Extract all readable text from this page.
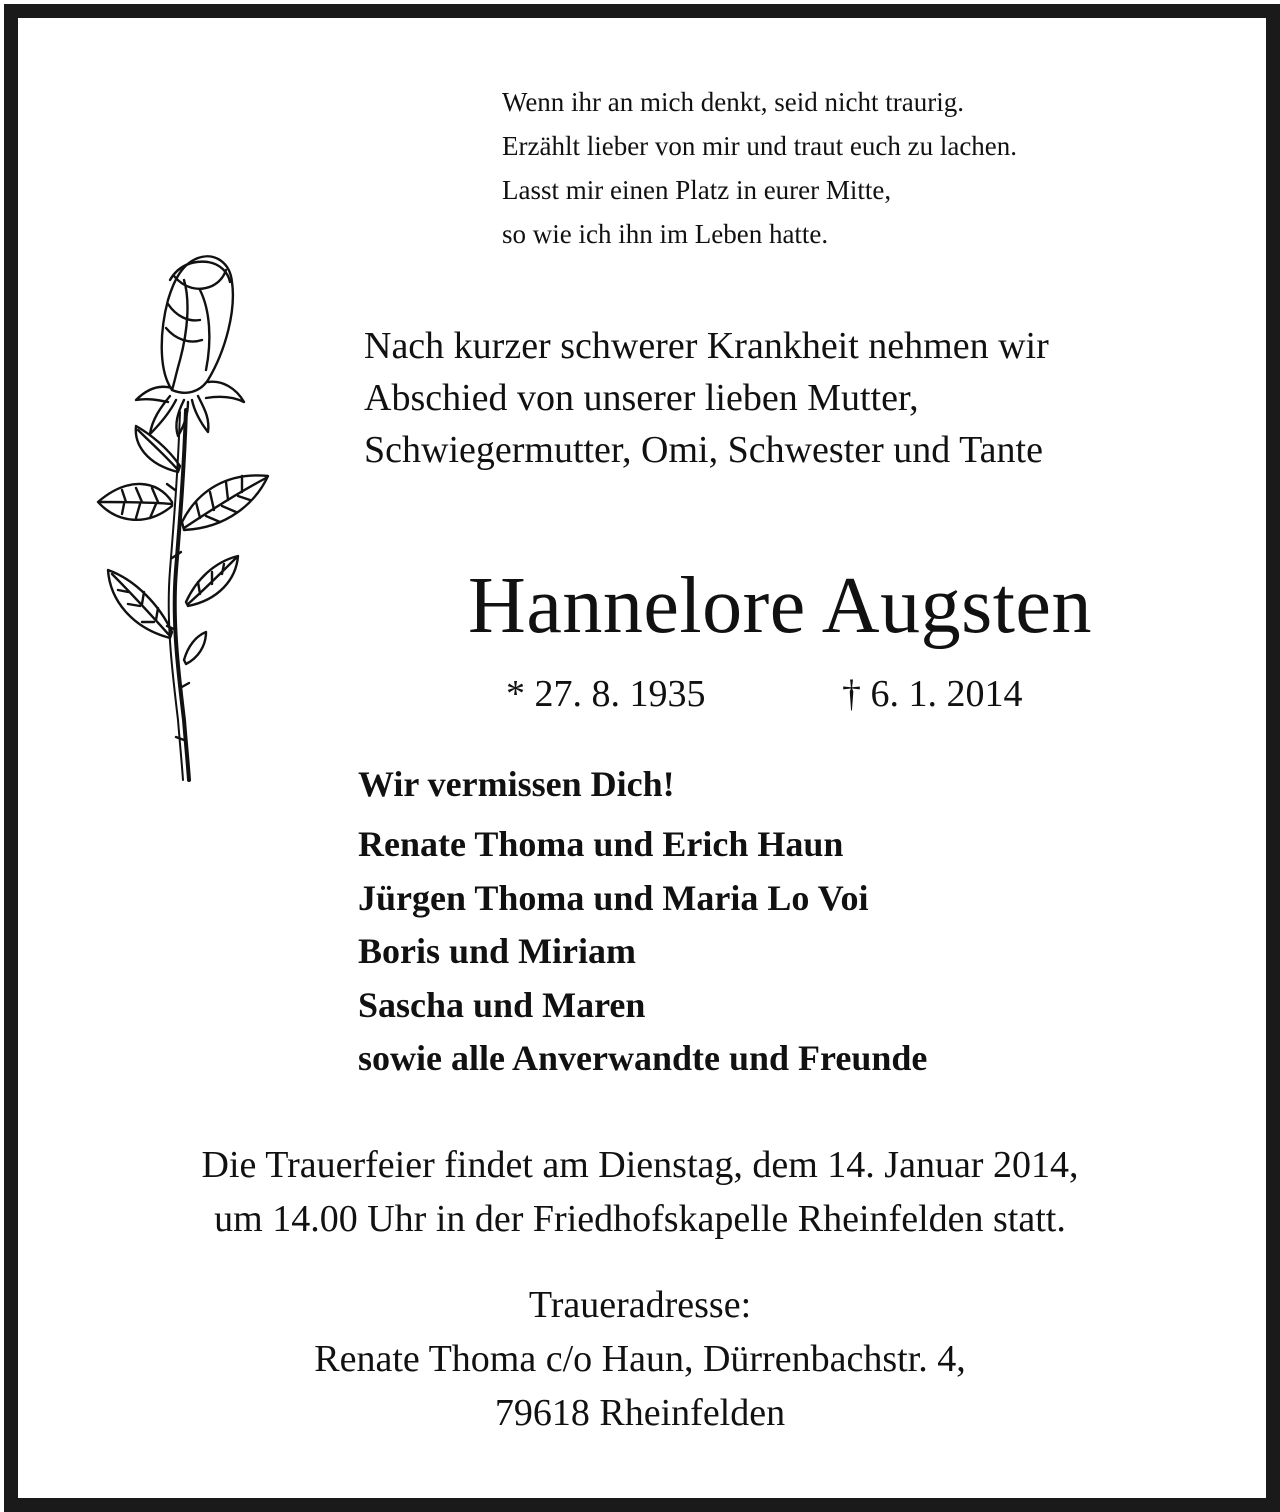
Wenn ihr an mich denkt, seid nicht traurig.
Erzählt lieber von mir und traut euch zu lachen.
Lasst mir einen Platz in eurer Mitte,
so wie ich ihn im Leben hatte.
Nach kurzer schwerer Krankheit nehmen wir
Abschied von unserer lieben Mutter,
Schwiegermutter, Omi, Schwester und Tante
Hannelore Augsten
* 27. 8. 1935	† 6. 1. 2014
Wir vermissen Dich!
Renate Thoma und Erich Haun
Jürgen Thoma und Maria Lo Voi
Boris und Miriam
Sascha und Maren
sowie alle Anverwandte und Freunde
Die Trauerfeier findet am Dienstag, dem 14. Januar 2014,
um 14.00 Uhr in der Friedhofskapelle Rheinfelden statt.
Traueradresse:
Renate Thoma c/o Haun, Dürrenbachstr. 4,
79618 Rheinfelden
